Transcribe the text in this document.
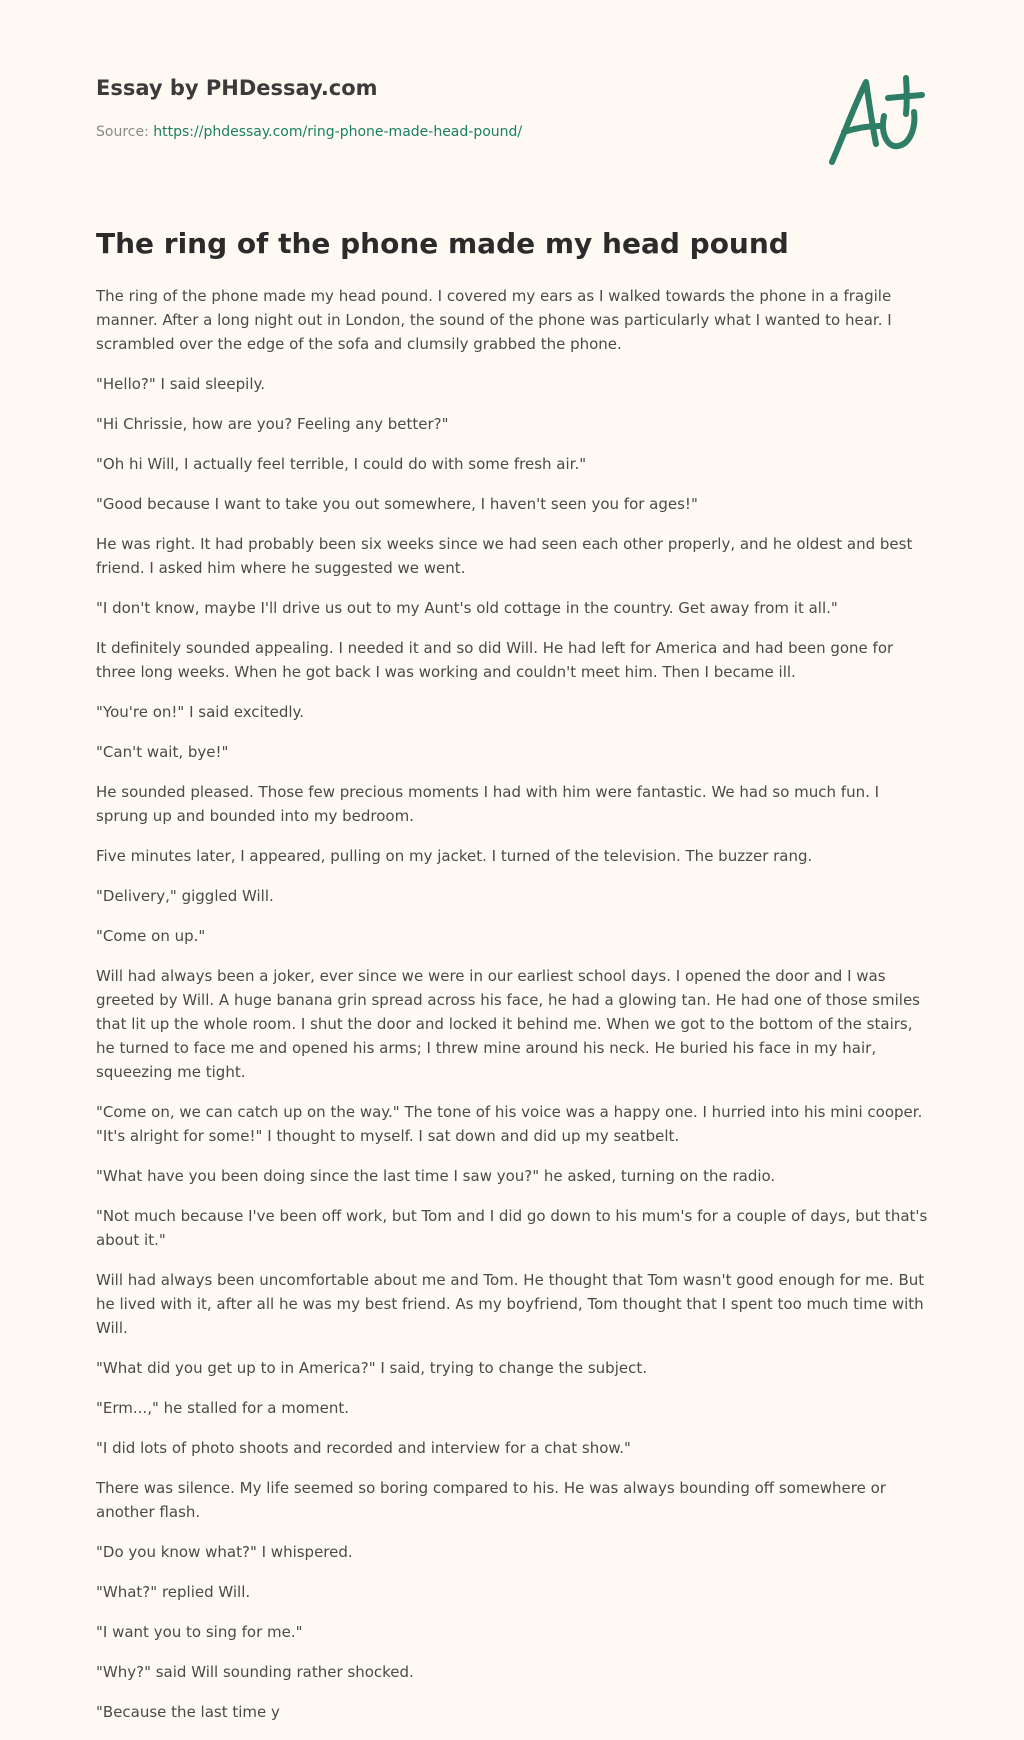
Essay by PHDessay.com

Source: https://phdessay.com/ring-phone-made-head-pound/
The ring of the phone made my head pound

The ring of the phone made my head pound. I covered my ears as I walked towards the phone in a fragile manner. After a long night out in London, the sound of the phone was particularly what I wanted to hear. I scrambled over the edge of the sofa and clumsily grabbed the phone.

"Hello?" I said sleepily.

"Hi Chrissie, how are you? Feeling any better?"

"Oh hi Will, I actually feel terrible, I could do with some fresh air."

"Good because I want to take you out somewhere, I haven't seen you for ages!"

He was right. It had probably been six weeks since we had seen each other properly, and he oldest and best friend. I asked him where he suggested we went.

"I don't know, maybe I'll drive us out to my Aunt's old cottage in the country. Get away from it all."

It definitely sounded appealing. I needed it and so did Will. He had left for America and had been gone for three long weeks. When he got back I was working and couldn't meet him. Then I became ill.

"You're on!" I said excitedly.

"Can't wait, bye!"

He sounded pleased. Those few precious moments I had with him were fantastic. We had so much fun. I sprung up and bounded into my bedroom.

Five minutes later, I appeared, pulling on my jacket. I turned of the television. The buzzer rang.

"Delivery," giggled Will.

"Come on up."

Will had always been a joker, ever since we were in our earliest school days. I opened the door and I was greeted by Will. A huge banana grin spread across his face, he had a glowing tan. He had one of those smiles that lit up the whole room. I shut the door and locked it behind me. When we got to the bottom of the stairs, he turned to face me and opened his arms; I threw mine around his neck. He buried his face in my hair, squeezing me tight.

"Come on, we can catch up on the way." The tone of his voice was a happy one. I hurried into his mini cooper. "It's alright for some!" I thought to myself. I sat down and did up my seatbelt.

"What have you been doing since the last time I saw you?" he asked, turning on the radio.

"Not much because I've been off work, but Tom and I did go down to his mum's for a couple of days, but that's about it."

Will had always been uncomfortable about me and Tom. He thought that Tom wasn't good enough for me. But he lived with it, after all he was my best friend. As my boyfriend, Tom thought that I spent too much time with Will.

"What did you get up to in America?" I said, trying to change the subject.

"Erm...," he stalled for a moment.

"I did lots of photo shoots and recorded and interview for a chat show."

There was silence. My life seemed so boring compared to his. He was always bounding off somewhere or another flash.

"Do you know what?" I whispered.

"What?" replied Will.

"I want you to sing for me."

"Why?" said Will sounding rather shocked.

"Because the last time y
